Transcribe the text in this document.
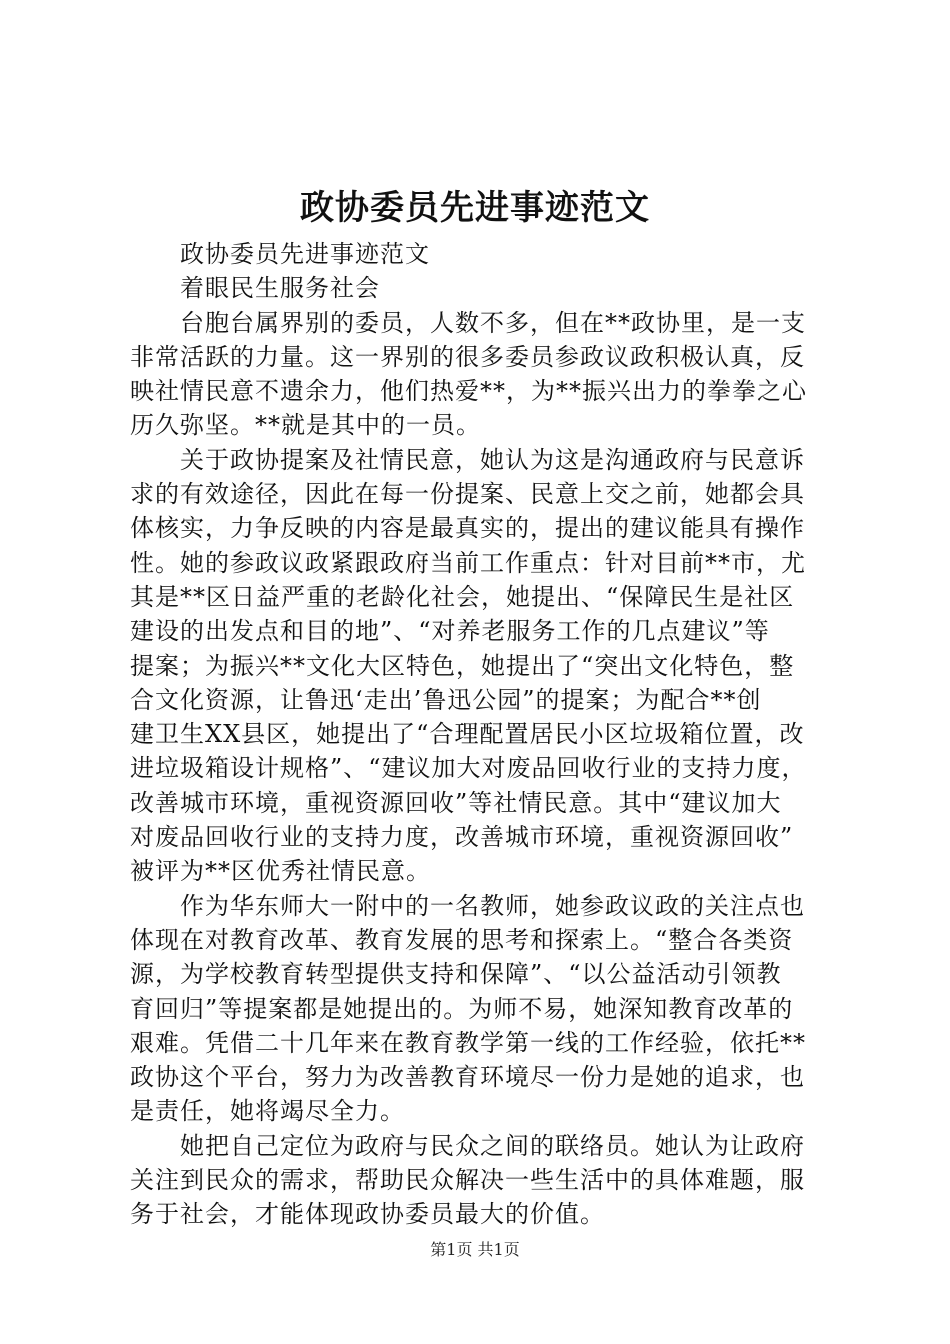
政协委员先进事迹范文
政协委员先进事迹范文
着眼民生服务社会
台胞台属界别的委员，人数不多，但在**政协里，是一支
非常活跃的力量。这一界别的很多委员参政议政积极认真，反
映社情民意不遗余力，他们热爱**，为**振兴出力的拳拳之心
历久弥坚。**就是其中的一员。
关于政协提案及社情民意，她认为这是沟通政府与民意诉
求的有效途径，因此在每一份提案、民意上交之前，她都会具
体核实，力争反映的内容是最真实的，提出的建议能具有操作
性。她的参政议政紧跟政府当前工作重点：针对目前**市，尤
其是**区日益严重的老龄化社会，她提出、“保障民生是社区
建设的出发点和目的地”、“对养老服务工作的几点建议”等
提案；为振兴**文化大区特色，她提出了“突出文化特色，整
合文化资源，让鲁迅‘走出’鲁迅公园”的提案；为配合**创
建卫生XX县区，她提出了“合理配置居民小区垃圾箱位置，改
进垃圾箱设计规格”、“建议加大对废品回收行业的支持力度，
改善城市环境，重视资源回收”等社情民意。其中“建议加大
对废品回收行业的支持力度，改善城市环境，重视资源回收”
被评为**区优秀社情民意。
作为华东师大一附中的一名教师，她参政议政的关注点也
体现在对教育改革、教育发展的思考和探索上。“整合各类资
源，为学校教育转型提供支持和保障”、“以公益活动引领教
育回归”等提案都是她提出的。为师不易，她深知教育改革的
艰难。凭借二十几年来在教育教学第一线的工作经验，依托**
政协这个平台，努力为改善教育环境尽一份力是她的追求，也
是责任，她将竭尽全力。
她把自己定位为政府与民众之间的联络员。她认为让政府
关注到民众的需求，帮助民众解决一些生活中的具体难题，服
务于社会，才能体现政协委员最大的价值。
第1页 共1页
